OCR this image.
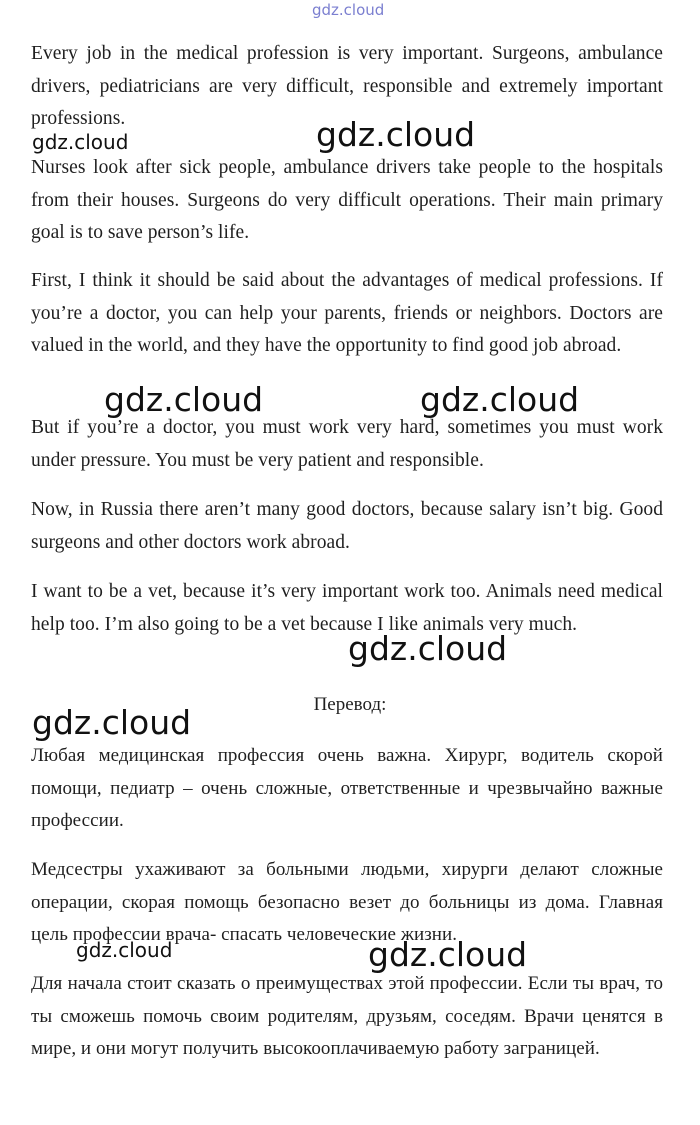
gdz.cloud

Every job in the medical profession is very important. Surgeons, ambulance drivers, pediatricians are very difficult, responsible and extremely important professions.

Nurses look after sick people, ambulance drivers take people to the hospitals from their houses. Surgeons do very difficult operations. Their main primary goal is to save person’s life.

First, I think it should be said about the advantages of medical professions. If you’re a doctor, you can help your parents, friends or neighbors. Doctors are valued in the world, and they have the opportunity to find good job abroad.

But if you’re a doctor, you must work very hard, sometimes you must work under pressure. You must be very patient and responsible.

Now, in Russia there aren’t many good doctors, because salary isn’t big. Good surgeons and other doctors work abroad.

I want to be a vet, because it’s very important work too. Animals need medical help too. I’m also going to be a vet because I like animals very much.

Перевод:

Любая медицинская профессия очень важна. Хирург, водитель скорой помощи, педиатр – очень сложные, ответственные и чрезвычайно важные профессии.

Медсестры ухаживают за больными людьми, хирурги делают сложные операции, скорая помощь безопасно везет до больницы из дома. Главная цель профессии врача- спасать человеческие жизни.

Для начала стоит сказать о преимуществах этой профессии. Если ты врач, то ты сможешь помочь своим родителям, друзьям, соседям. Врачи ценятся в мире, и они могут получить высокооплачиваемую работу заграницей.

gdz.cloud	gdz.cloud
gdz.cloud	gdz.cloud
gdz.cloud
gdz.cloud
gdz.cloud	gdz.cloud
